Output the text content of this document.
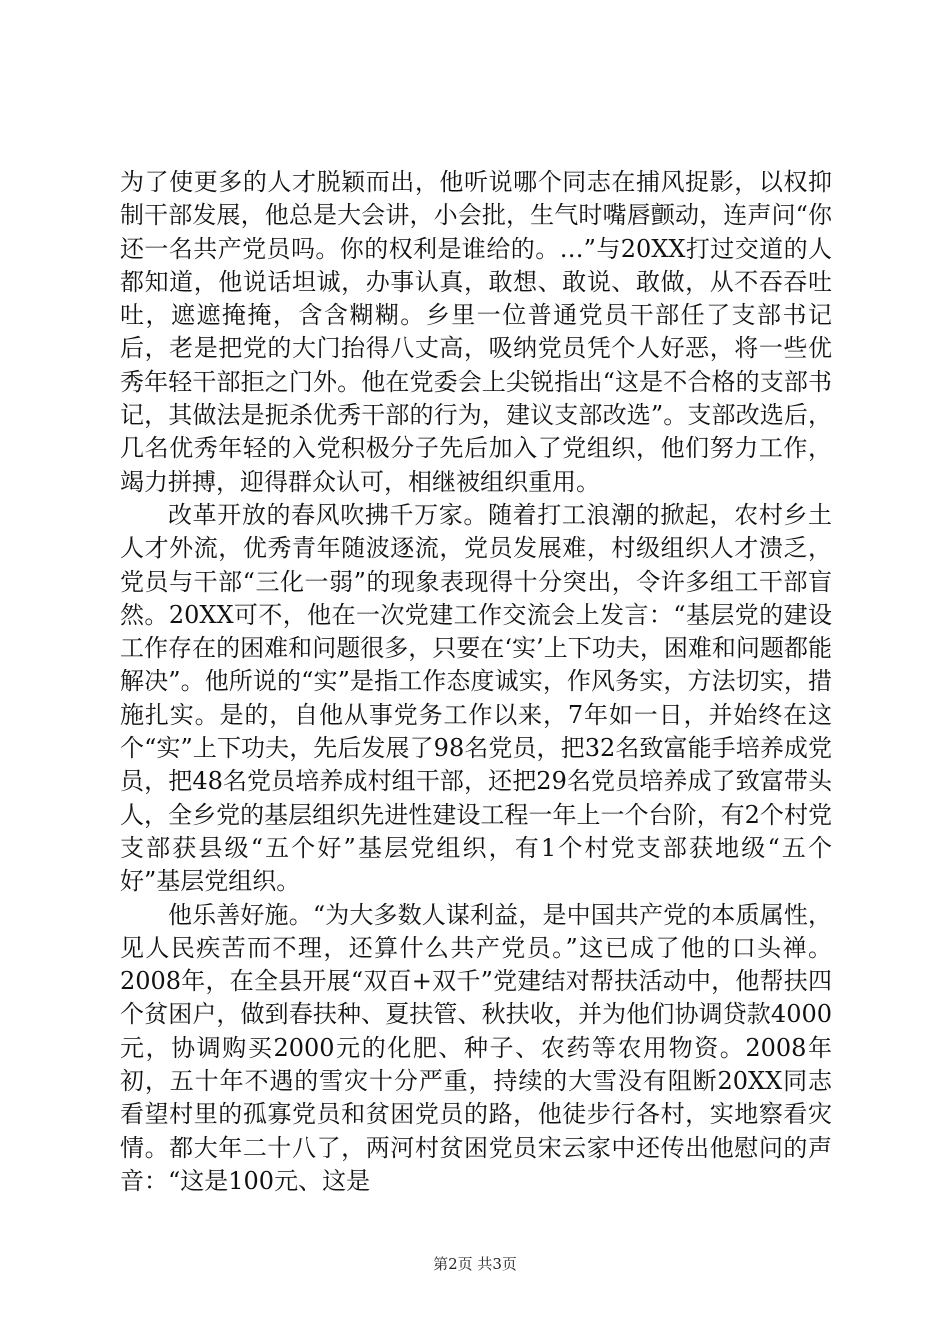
为了使更多的人才脱颖而出，他听说哪个同志在捕风捉影，以权抑制干部发展，他总是大会讲，小会批，生气时嘴唇颤动，连声问“你还一名共产党员吗。你的权利是谁给的。…”与20XX打过交道的人都知道，他说话坦诚，办事认真，敢想、敢说、敢做，从不吞吞吐吐，遮遮掩掩，含含糊糊。乡里一位普通党员干部任了支部书记后，老是把党的大门抬得八丈高，吸纳党员凭个人好恶，将一些优秀年轻干部拒之门外。他在党委会上尖锐指出“这是不合格的支部书记，其做法是扼杀优秀干部的行为，建议支部改选”。支部改选后，几名优秀年轻的入党积极分子先后加入了党组织，他们努力工作，竭力拼搏，迎得群众认可，相继被组织重用。

改革开放的春风吹拂千万家。随着打工浪潮的掀起，农村乡土人才外流，优秀青年随波逐流，党员发展难，村级组织人才溃乏，党员与干部“三化一弱”的现象表现得十分突出，令许多组工干部盲然。20XX可不，他在一次党建工作交流会上发言：“基层党的建设工作存在的困难和问题很多，只要在‘实’上下功夫，困难和问题都能解决”。他所说的“实”是指工作态度诚实，作风务实，方法切实，措施扎实。是的，自他从事党务工作以来，7年如一日，并始终在这个“实”上下功夫，先后发展了98名党员，把32名致富能手培养成党员，把48名党员培养成村组干部，还把29名党员培养成了致富带头人，全乡党的基层组织先进性建设工程一年上一个台阶，有2个村党支部获县级“五个好”基层党组织，有1个村党支部获地级“五个好”基层党组织。

他乐善好施。“为大多数人谋利益，是中国共产党的本质属性，见人民疾苦而不理，还算什么共产党员。”这已成了他的口头禅。2008年，在全县开展“双百+双千”党建结对帮扶活动中，他帮扶四个贫困户，做到春扶种、夏扶管、秋扶收，并为他们协调贷款4000元，协调购买2000元的化肥、种子、农药等农用物资。2008年初，五十年不遇的雪灾十分严重，持续的大雪没有阻断20XX同志看望村里的孤寡党员和贫困党员的路，他徒步行各村，实地察看灾情。都大年二十八了，两河村贫困党员宋云家中还传出他慰问的声音：“这是100元、这是

第2页 共3页
